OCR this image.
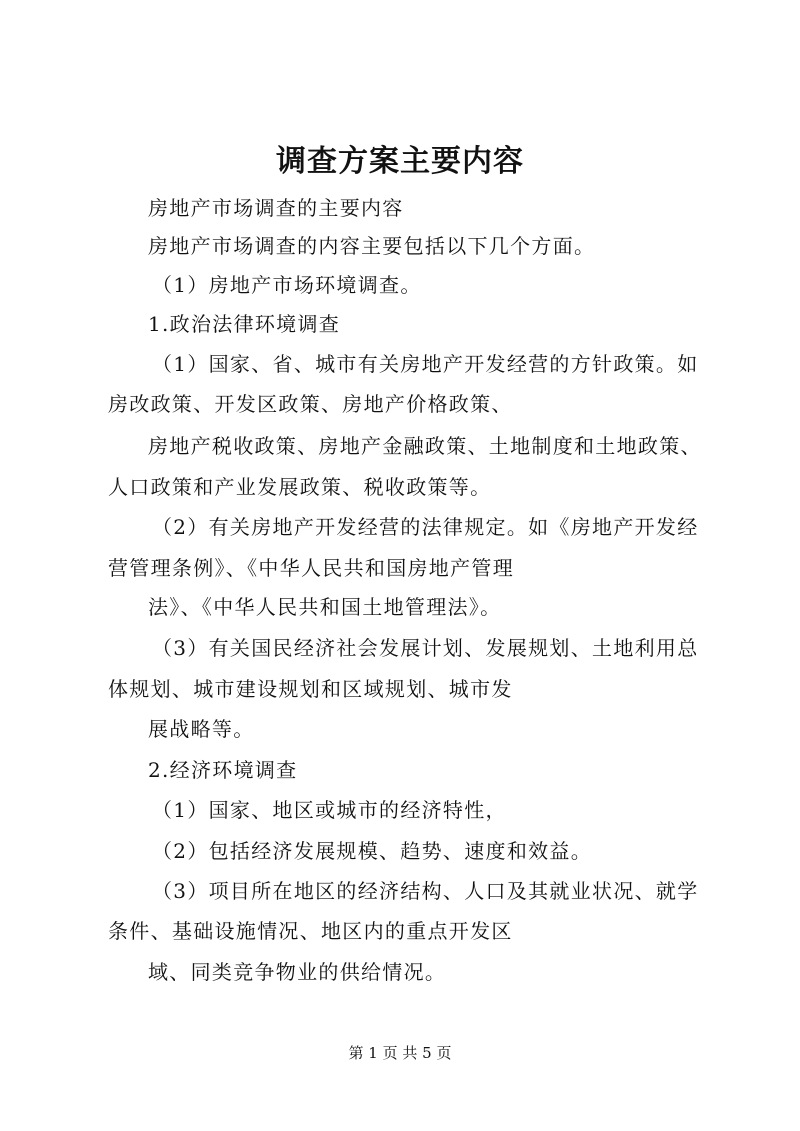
调查方案主要内容

房地产市场调查的主要内容

房地产市场调查的内容主要包括以下几个方面。

（1）房地产市场环境调查。

1.政治法律环境调查

（1）国家、省、城市有关房地产开发经营的方针政策。如

房改政策、开发区政策、房地产价格政策、

房地产税收政策、房地产金融政策、土地制度和土地政策、

人口政策和产业发展政策、税收政策等。

（2）有关房地产开发经营的法律规定。如《房地产开发经

营管理条例》、《中华人民共和国房地产管理

法》、《中华人民共和国土地管理法》。

（3）有关国民经济社会发展计划、发展规划、土地利用总

体规划、城市建设规划和区域规划、城市发

展战略等。

2.经济环境调查

（1）国家、地区或城市的经济特性，

（2）包括经济发展规模、趋势、速度和效益。

（3）项目所在地区的经济结构、人口及其就业状况、就学

条件、基础设施情况、地区内的重点开发区

域、同类竞争物业的供给情况。

第 1 页 共 5 页
